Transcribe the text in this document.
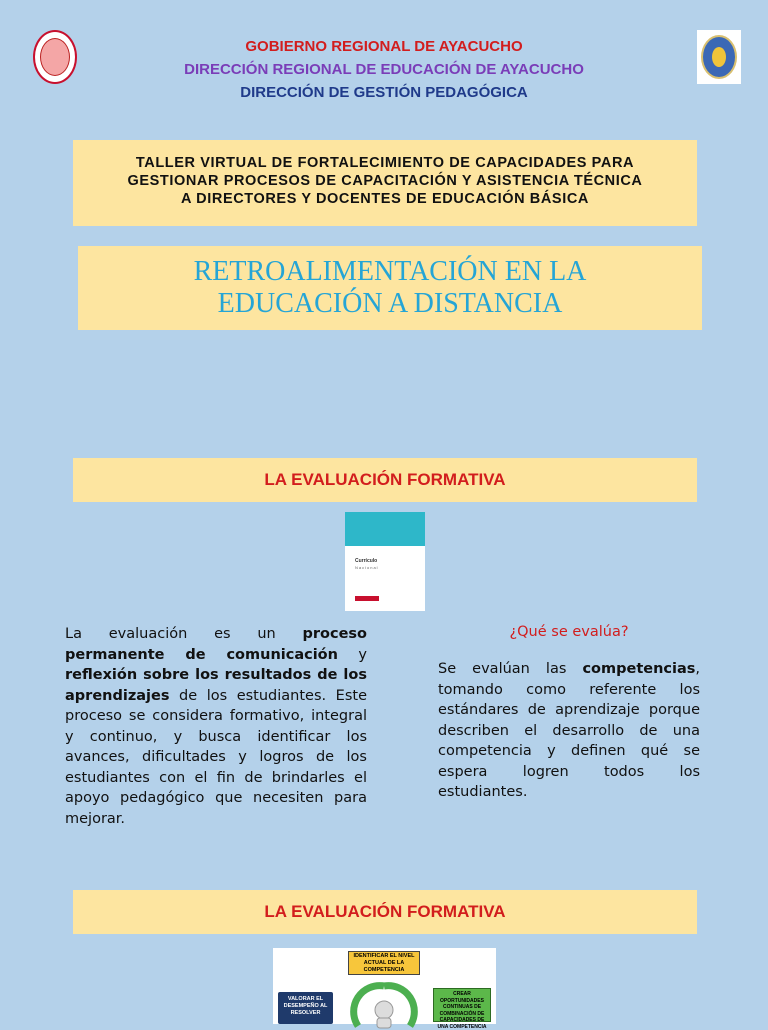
GOBIERNO REGIONAL DE AYACUCHO
DIRECCIÓN REGIONAL DE EDUCACIÓN DE AYACUCHO
DIRECCIÓN DE GESTIÓN PEDAGÓGICA
TALLER VIRTUAL DE FORTALECIMIENTO DE CAPACIDADES PARA
GESTIONAR PROCESOS DE CAPACITACIÓN Y ASISTENCIA TÉCNICA
A DIRECTORES Y DOCENTES DE EDUCACIÓN BÁSICA
RETROALIMENTACIÓN EN LA
EDUCACIÓN A DISTANCIA
LA EVALUACIÓN FORMATIVA
Currículo
Nacional
La evaluación es un proceso permanente de comunicación y reflexión sobre los resultados de los aprendizajes de los estudiantes. Este proceso se considera formativo, integral y continuo, y busca identificar los avances, dificultades y logros de los estudiantes con el fin de brindarles el apoyo pedagógico que necesiten para mejorar.
¿Qué se evalúa?
Se evalúan las competencias, tomando como referente los estándares de aprendizaje porque describen el desarrollo de una competencia y definen qué se espera logren todos los estudiantes.
LA EVALUACIÓN FORMATIVA
IDENTIFICAR EL NIVEL ACTUAL DE LA COMPETENCIA
VALORAR EL DESEMPEÑO AL RESOLVER
CREAR OPORTUNIDADES CONTINUAS DE COMBINACIÓN DE CAPACIDADES DE UNA COMPETENCIA
